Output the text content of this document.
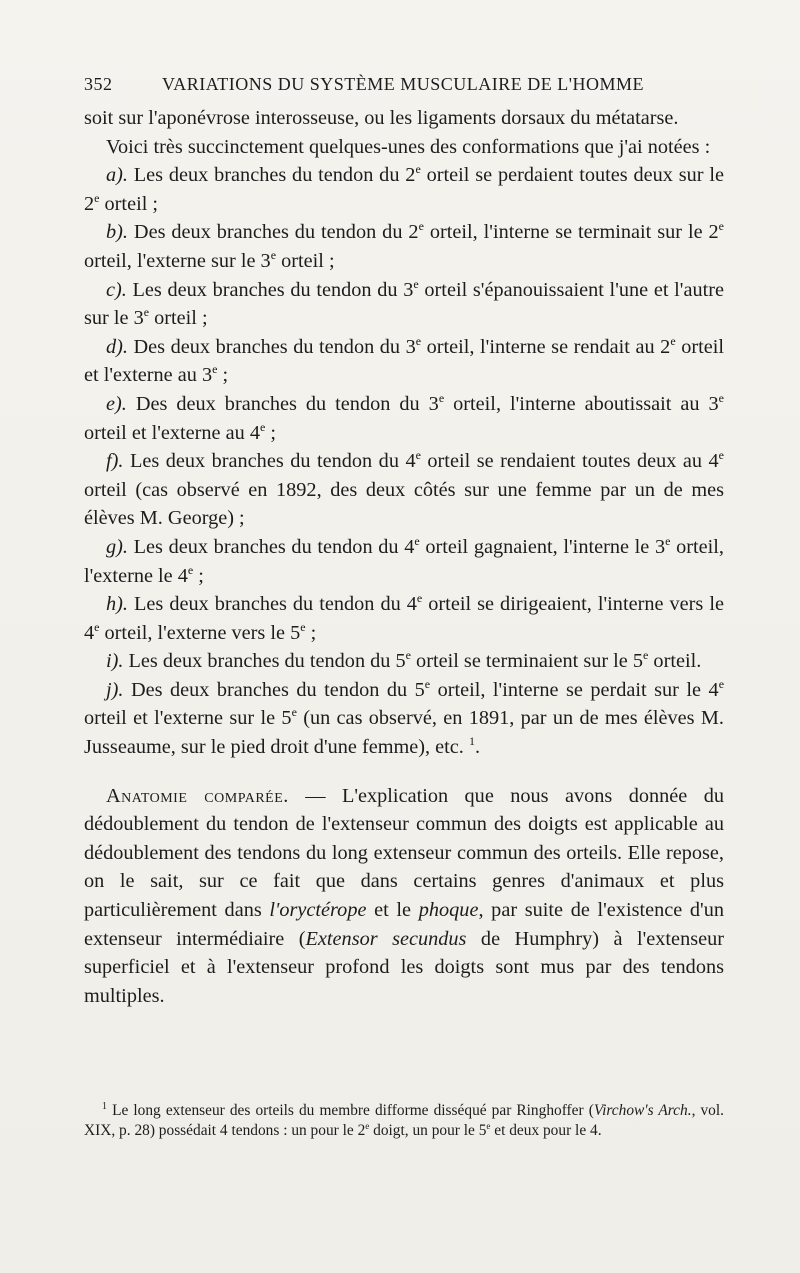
352	VARIATIONS DU SYSTÈME MUSCULAIRE DE L'HOMME

soit sur l'aponévrose interosseuse, ou les ligaments dorsaux du métatarse.

Voici très succinctement quelques-unes des conformations que j'ai notées :

a). Les deux branches du tendon du 2e orteil se perdaient toutes deux sur le 2e orteil ;

b). Des deux branches du tendon du 2e orteil, l'interne se terminait sur le 2e orteil, l'externe sur le 3e orteil ;

c). Les deux branches du tendon du 3e orteil s'épanouissaient l'une et l'autre sur le 3e orteil ;

d). Des deux branches du tendon du 3e orteil, l'interne se rendait au 2e orteil et l'externe au 3e ;

e). Des deux branches du tendon du 3e orteil, l'interne aboutissait au 3e orteil et l'externe au 4e ;

f). Les deux branches du tendon du 4e orteil se rendaient toutes deux au 4e orteil (cas observé en 1892, des deux côtés sur une femme par un de mes élèves M. George) ;

g). Les deux branches du tendon du 4e orteil gagnaient, l'interne le 3e orteil, l'externe le 4e ;

h). Les deux branches du tendon du 4e orteil se dirigeaient, l'interne vers le 4e orteil, l'externe vers le 5e ;

i). Les deux branches du tendon du 5e orteil se terminaient sur le 5e orteil.

j). Des deux branches du tendon du 5e orteil, l'interne se perdait sur le 4e orteil et l'externe sur le 5e (un cas observé, en 1891, par un de mes élèves M. Jusseaume, sur le pied droit d'une femme), etc. $^1$.

Anatomie comparée. — L'explication que nous avons donnée du dédoublement du tendon de l'extenseur commun des doigts est applicable au dédoublement des tendons du long extenseur commun des orteils. Elle repose, on le sait, sur ce fait que dans certains genres d'animaux et plus particulièrement dans l'oryctérope et le phoque, par suite de l'existence d'un extenseur intermédiaire (Extensor secundus de Humphry) à l'extenseur superficiel et à l'extenseur profond les doigts sont mus par des tendons multiples.

$^1$ Le long extenseur des orteils du membre difforme disséqué par Ringhoffer (Virchow's Arch., vol. XIX, p. 28) possédait 4 tendons : un pour le 2e doigt, un pour le 5e et deux pour le 4.
